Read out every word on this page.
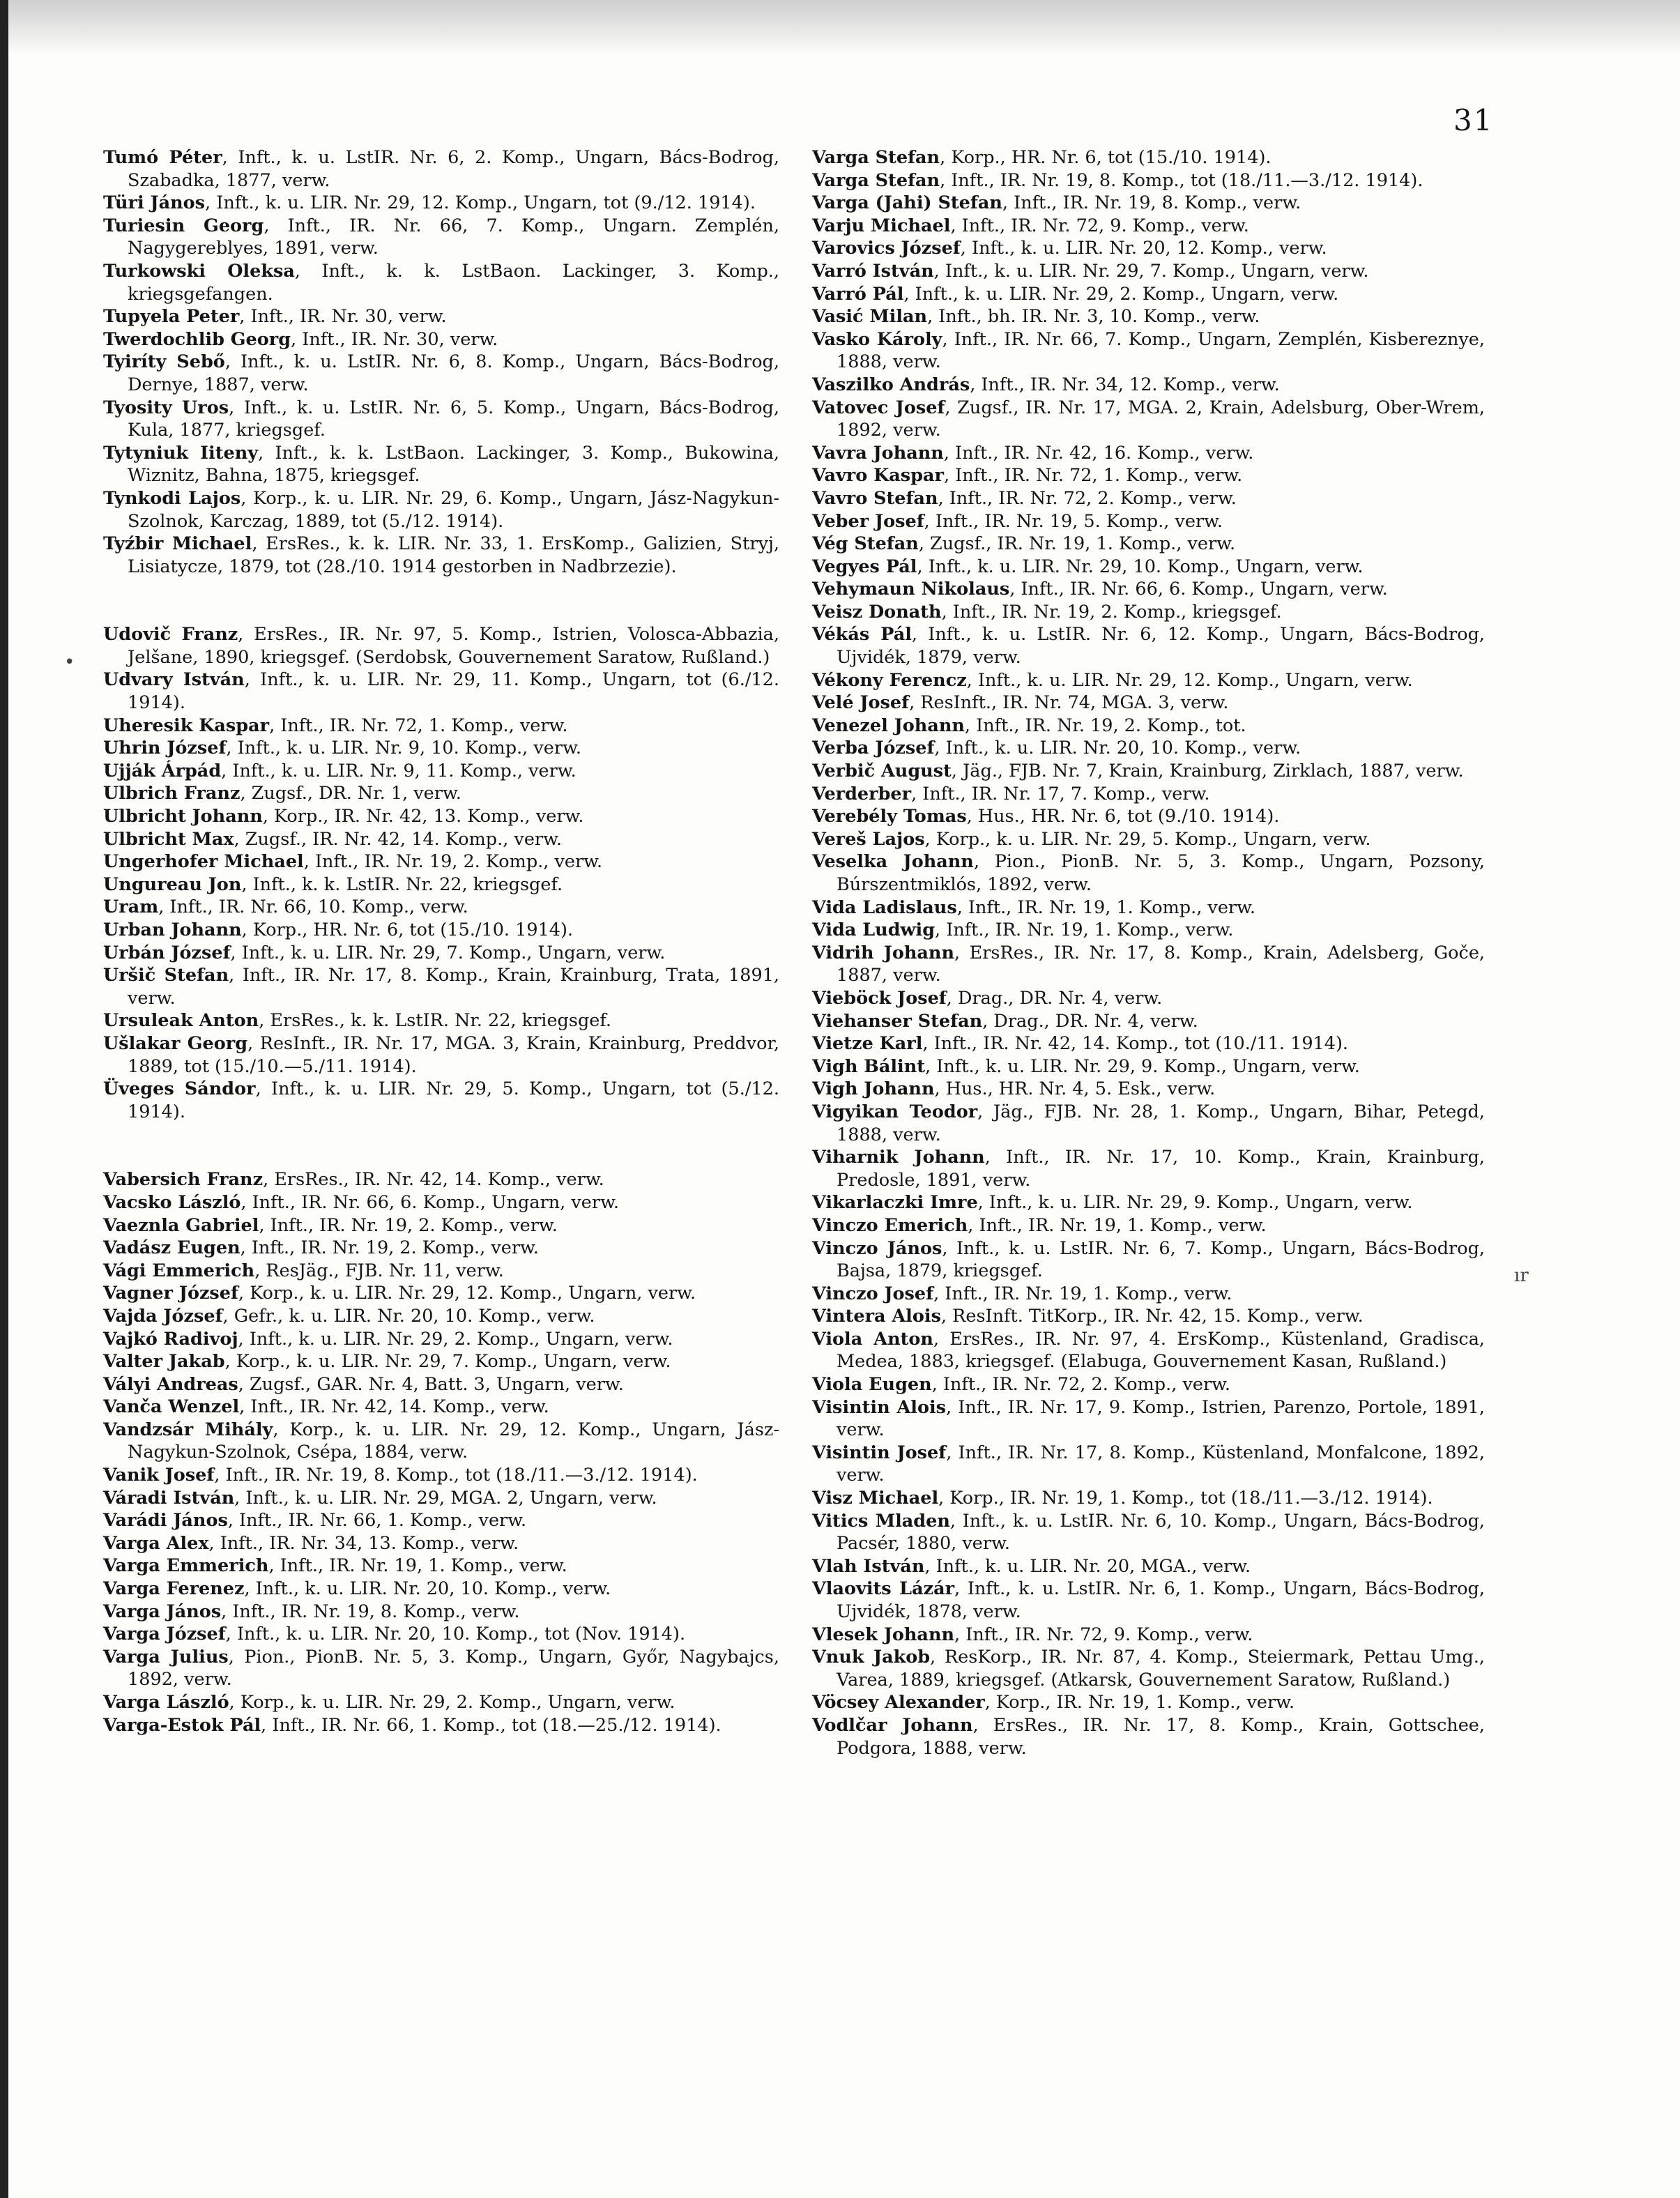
31

Tumó Péter, Inft., k. u. LstIR. Nr. 6, 2. Komp., Ungarn, Bács-Bodrog, Szabadka, 1877, verw.

Türi János, Inft., k. u. LIR. Nr. 29, 12. Komp., Ungarn, tot (9./12. 1914).

Turiesin Georg, Inft., IR. Nr. 66, 7. Komp., Ungarn. Zemplén, Nagygereblyes, 1891, verw.

Turkowski Oleksa, Inft., k. k. LstBaon. Lackinger, 3. Komp., kriegsgefangen.

Tupyela Peter, Inft., IR. Nr. 30, verw.

Twerdochlib Georg, Inft., IR. Nr. 30, verw.

Tyiríty Sebő, Inft., k. u. LstIR. Nr. 6, 8. Komp., Ungarn, Bács-Bodrog, Dernye, 1887, verw.

Tyosity Uros, Inft., k. u. LstIR. Nr. 6, 5. Komp., Ungarn, Bács-Bodrog, Kula, 1877, kriegsgef.

Tytyniuk Iiteny, Inft., k. k. LstBaon. Lackinger, 3. Komp., Bukowina, Wiznitz, Bahna, 1875, kriegsgef.

Tynkodi Lajos, Korp., k. u. LIR. Nr. 29, 6. Komp., Ungarn, Jász-Nagykun-Szolnok, Karczag, 1889, tot (5./12. 1914).

Tyźbir Michael, ErsRes., k. k. LIR. Nr. 33, 1. ErsKomp., Galizien, Stryj, Lisiatycze, 1879, tot (28./10. 1914 gestorben in Nadbrzezie).

Udovič Franz, ErsRes., IR. Nr. 97, 5. Komp., Istrien, Volosca-Abbazia, Jelšane, 1890, kriegsgef. (Serdobsk, Gouvernement Saratow, Rußland.)

Udvary István, Inft., k. u. LIR. Nr. 29, 11. Komp., Ungarn, tot (6./12. 1914).

Uheresik Kaspar, Inft., IR. Nr. 72, 1. Komp., verw.

Uhrin József, Inft., k. u. LIR. Nr. 9, 10. Komp., verw.

Ujják Árpád, Inft., k. u. LIR. Nr. 9, 11. Komp., verw.

Ulbrich Franz, Zugsf., DR. Nr. 1, verw.

Ulbricht Johann, Korp., IR. Nr. 42, 13. Komp., verw.

Ulbricht Max, Zugsf., IR. Nr. 42, 14. Komp., verw.

Ungerhofer Michael, Inft., IR. Nr. 19, 2. Komp., verw.

Ungureau Jon, Inft., k. k. LstIR. Nr. 22, kriegsgef.

Uram, Inft., IR. Nr. 66, 10. Komp., verw.

Urban Johann, Korp., HR. Nr. 6, tot (15./10. 1914).

Urbán József, Inft., k. u. LIR. Nr. 29, 7. Komp., Ungarn, verw.

Uršič Stefan, Inft., IR. Nr. 17, 8. Komp., Krain, Krainburg, Trata, 1891, verw.

Ursuleak Anton, ErsRes., k. k. LstIR. Nr. 22, kriegsgef.

Ušlakar Georg, ResInft., IR. Nr. 17, MGA. 3, Krain, Krainburg, Preddvor, 1889, tot (15./10.—5./11. 1914).

Üveges Sándor, Inft., k. u. LIR. Nr. 29, 5. Komp., Ungarn, tot (5./12. 1914).

Vabersich Franz, ErsRes., IR. Nr. 42, 14. Komp., verw.

Vacsko László, Inft., IR. Nr. 66, 6. Komp., Ungarn, verw.

Vaeznla Gabriel, Inft., IR. Nr. 19, 2. Komp., verw.

Vadász Eugen, Inft., IR. Nr. 19, 2. Komp., verw.

Vági Emmerich, ResJäg., FJB. Nr. 11, verw.

Vagner József, Korp., k. u. LIR. Nr. 29, 12. Komp., Ungarn, verw.

Vajda József, Gefr., k. u. LIR. Nr. 20, 10. Komp., verw.

Vajkó Radivoj, Inft., k. u. LIR. Nr. 29, 2. Komp., Ungarn, verw.

Valter Jakab, Korp., k. u. LIR. Nr. 29, 7. Komp., Ungarn, verw.

Vályi Andreas, Zugsf., GAR. Nr. 4, Batt. 3, Ungarn, verw.

Vanča Wenzel, Inft., IR. Nr. 42, 14. Komp., verw.

Vandzsár Mihály, Korp., k. u. LIR. Nr. 29, 12. Komp., Ungarn, Jász-Nagykun-Szolnok, Csépa, 1884, verw.

Vanik Josef, Inft., IR. Nr. 19, 8. Komp., tot (18./11.—3./12. 1914).

Váradi István, Inft., k. u. LIR. Nr. 29, MGA. 2, Ungarn, verw.

Varádi János, Inft., IR. Nr. 66, 1. Komp., verw.

Varga Alex, Inft., IR. Nr. 34, 13. Komp., verw.

Varga Emmerich, Inft., IR. Nr. 19, 1. Komp., verw.

Varga Ferenez, Inft., k. u. LIR. Nr. 20, 10. Komp., verw.

Varga János, Inft., IR. Nr. 19, 8. Komp., verw.

Varga József, Inft., k. u. LIR. Nr. 20, 10. Komp., tot (Nov. 1914).

Varga Julius, Pion., PionB. Nr. 5, 3. Komp., Ungarn, Győr, Nagybajcs, 1892, verw.

Varga László, Korp., k. u. LIR. Nr. 29, 2. Komp., Ungarn, verw.

Varga-Estok Pál, Inft., IR. Nr. 66, 1. Komp., tot (18.—25./12. 1914).

Varga Stefan, Korp., HR. Nr. 6, tot (15./10. 1914).

Varga Stefan, Inft., IR. Nr. 19, 8. Komp., tot (18./11.—3./12. 1914).

Varga (Jahi) Stefan, Inft., IR. Nr. 19, 8. Komp., verw.

Varju Michael, Inft., IR. Nr. 72, 9. Komp., verw.

Varovics József, Inft., k. u. LIR. Nr. 20, 12. Komp., verw.

Varró István, Inft., k. u. LIR. Nr. 29, 7. Komp., Ungarn, verw.

Varró Pál, Inft., k. u. LIR. Nr. 29, 2. Komp., Ungarn, verw.

Vasić Milan, Inft., bh. IR. Nr. 3, 10. Komp., verw.

Vasko Károly, Inft., IR. Nr. 66, 7. Komp., Ungarn, Zemplén, Kisbereznye, 1888, verw.

Vaszilko András, Inft., IR. Nr. 34, 12. Komp., verw.

Vatovec Josef, Zugsf., IR. Nr. 17, MGA. 2, Krain, Adelsburg, Ober-Wrem, 1892, verw.

Vavra Johann, Inft., IR. Nr. 42, 16. Komp., verw.

Vavro Kaspar, Inft., IR. Nr. 72, 1. Komp., verw.

Vavro Stefan, Inft., IR. Nr. 72, 2. Komp., verw.

Veber Josef, Inft., IR. Nr. 19, 5. Komp., verw.

Vég Stefan, Zugsf., IR. Nr. 19, 1. Komp., verw.

Vegyes Pál, Inft., k. u. LIR. Nr. 29, 10. Komp., Ungarn, verw.

Vehymaun Nikolaus, Inft., IR. Nr. 66, 6. Komp., Ungarn, verw.

Veisz Donath, Inft., IR. Nr. 19, 2. Komp., kriegsgef.

Vékás Pál, Inft., k. u. LstIR. Nr. 6, 12. Komp., Ungarn, Bács-Bodrog, Ujvidék, 1879, verw.

Vékony Ferencz, Inft., k. u. LIR. Nr. 29, 12. Komp., Ungarn, verw.

Velé Josef, ResInft., IR. Nr. 74, MGA. 3, verw.

Venezel Johann, Inft., IR. Nr. 19, 2. Komp., tot.

Verba József, Inft., k. u. LIR. Nr. 20, 10. Komp., verw.

Verbič August, Jäg., FJB. Nr. 7, Krain, Krainburg, Zirklach, 1887, verw.

Verderber, Inft., IR. Nr. 17, 7. Komp., verw.

Verebély Tomas, Hus., HR. Nr. 6, tot (9./10. 1914).

Vereš Lajos, Korp., k. u. LIR. Nr. 29, 5. Komp., Ungarn, verw.

Veselka Johann, Pion., PionB. Nr. 5, 3. Komp., Ungarn, Pozsony, Búrszentmiklós, 1892, verw.

Vida Ladislaus, Inft., IR. Nr. 19, 1. Komp., verw.

Vida Ludwig, Inft., IR. Nr. 19, 1. Komp., verw.

Vidrih Johann, ErsRes., IR. Nr. 17, 8. Komp., Krain, Adelsberg, Goče, 1887, verw.

Vieböck Josef, Drag., DR. Nr. 4, verw.

Viehanser Stefan, Drag., DR. Nr. 4, verw.

Vietze Karl, Inft., IR. Nr. 42, 14. Komp., tot (10./11. 1914).

Vigh Bálint, Inft., k. u. LIR. Nr. 29, 9. Komp., Ungarn, verw.

Vigh Johann, Hus., HR. Nr. 4, 5. Esk., verw.

Vigyikan Teodor, Jäg., FJB. Nr. 28, 1. Komp., Ungarn, Bihar, Petegd, 1888, verw.

Viharnik Johann, Inft., IR. Nr. 17, 10. Komp., Krain, Krainburg, Predosle, 1891, verw.

Vikarlaczki Imre, Inft., k. u. LIR. Nr. 29, 9. Komp., Ungarn, verw.

Vinczo Emerich, Inft., IR. Nr. 19, 1. Komp., verw.

Vinczo János, Inft., k. u. LstIR. Nr. 6, 7. Komp., Ungarn, Bács-Bodrog, Bajsa, 1879, kriegsgef.

Vinczo Josef, Inft., IR. Nr. 19, 1. Komp., verw.

Vintera Alois, ResInft. TitKorp., IR. Nr. 42, 15. Komp., verw.

Viola Anton, ErsRes., IR. Nr. 97, 4. ErsKomp., Küstenland, Gradisca, Medea, 1883, kriegsgef. (Elabuga, Gouvernement Kasan, Rußland.)

Viola Eugen, Inft., IR. Nr. 72, 2. Komp., verw.

Visintin Alois, Inft., IR. Nr. 17, 9. Komp., Istrien, Parenzo, Portole, 1891, verw.

Visintin Josef, Inft., IR. Nr. 17, 8. Komp., Küstenland, Monfalcone, 1892, verw.

Visz Michael, Korp., IR. Nr. 19, 1. Komp., tot (18./11.—3./12. 1914).

Vitics Mladen, Inft., k. u. LstIR. Nr. 6, 10. Komp., Ungarn, Bács-Bodrog, Pacsér, 1880, verw.

Vlah István, Inft., k. u. LIR. Nr. 20, MGA., verw.

Vlaovits Lázár, Inft., k. u. LstIR. Nr. 6, 1. Komp., Ungarn, Bács-Bodrog, Ujvidék, 1878, verw.

Vlesek Johann, Inft., IR. Nr. 72, 9. Komp., verw.

Vnuk Jakob, ResKorp., IR. Nr. 87, 4. Komp., Steiermark, Pettau Umg., Varea, 1889, kriegsgef. (Atkarsk, Gouvernement Saratow, Rußland.)

Vöcsey Alexander, Korp., IR. Nr. 19, 1. Komp., verw.

Vodlčar Johann, ErsRes., IR. Nr. 17, 8. Komp., Krain, Gottschee, Podgora, 1888, verw.

•
ır
